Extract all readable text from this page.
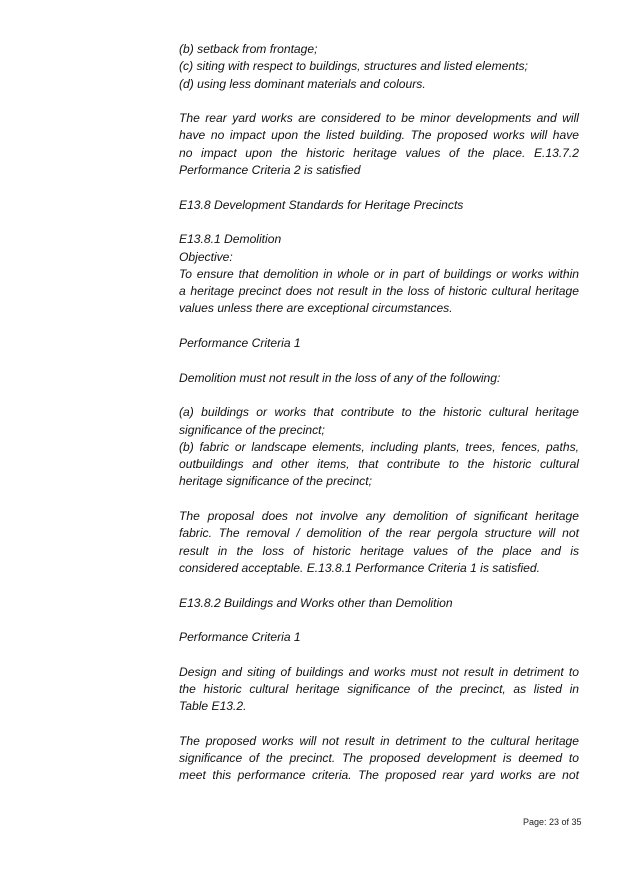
(b) setback from frontage;
(c) siting with respect to buildings, structures and listed elements;
(d) using less dominant materials and colours.
The rear yard works are considered to be minor developments and will
have no impact upon the listed building. The proposed works will have
no impact upon the historic heritage values of the place. E.13.7.2
Performance Criteria 2 is satisfied
E13.8 Development Standards for Heritage Precincts
E13.8.1 Demolition
Objective:
To ensure that demolition in whole or in part of buildings or works within
a heritage precinct does not result in the loss of historic cultural heritage
values unless there are exceptional circumstances.
Performance Criteria 1
Demolition must not result in the loss of any of the following:
(a) buildings or works that contribute to the historic cultural heritage
significance of the precinct;
(b) fabric or landscape elements, including plants, trees, fences, paths,
outbuildings and other items, that contribute to the historic cultural
heritage significance of the precinct;
The proposal does not involve any demolition of significant heritage
fabric. The removal / demolition of the rear pergola structure will not
result in the loss of historic heritage values of the place and is
considered acceptable. E.13.8.1 Performance Criteria 1 is satisfied.
E13.8.2 Buildings and Works other than Demolition
Performance Criteria 1
Design and siting of buildings and works must not result in detriment to
the historic cultural heritage significance of the precinct, as listed in
Table E13.2.
The proposed works will not result in detriment to the cultural heritage
significance of the precinct. The proposed development is deemed to
meet this performance criteria. The proposed rear yard works are not
Page: 23 of 35
